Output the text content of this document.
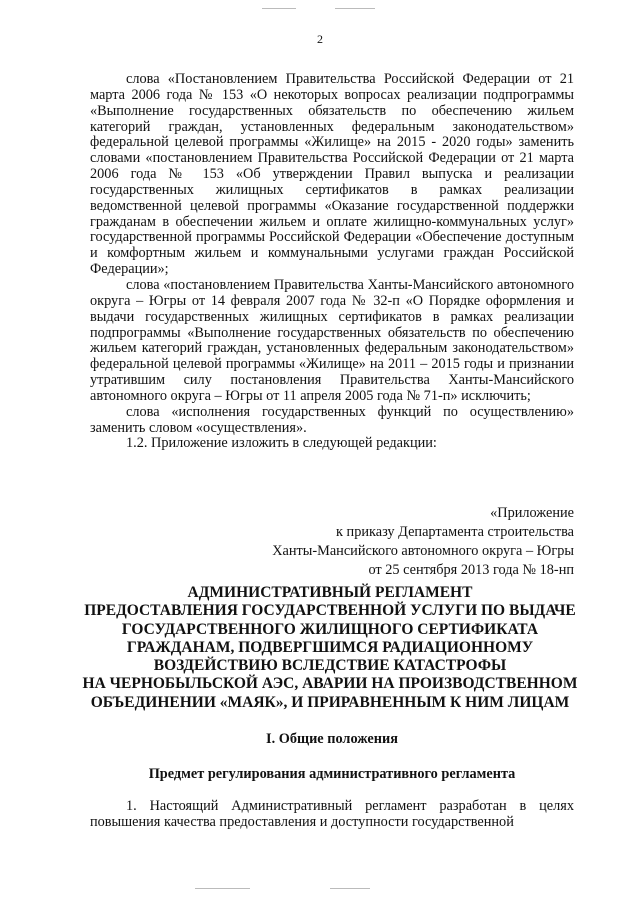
2

слова «Постановлением Правительства Российской Федерации от 21 марта 2006 года № 153 «О некоторых вопросах реализации подпрограммы «Выполнение государственных обязательств по обеспечению жильем категорий граждан, установленных федеральным законодательством» федеральной целевой программы «Жилище» на 2015 - 2020 годы» заменить словами «постановлением Правительства Российской Федерации от 21 марта 2006 года № 153 «Об утверждении Правил выпуска и реализации государственных жилищных сертификатов в рамках реализации ведомственной целевой программы «Оказание государственной поддержки гражданам в обеспечении жильем и оплате жилищно-коммунальных услуг» государственной программы Российской Федерации «Обеспечение доступным и комфортным жильем и коммунальными услугами граждан Российской Федерации»;

слова «постановлением Правительства Ханты-Мансийского автономного округа – Югры от 14 февраля 2007 года № 32-п «О Порядке оформления и выдачи государственных жилищных сертификатов в рамках реализации подпрограммы «Выполнение государственных обязательств по обеспечению жильем категорий граждан, установленных федеральным законодательством» федеральной целевой программы «Жилище» на 2011 – 2015 годы и признании утратившим силу постановления Правительства Ханты-Мансийского автономного округа – Югры от 11 апреля 2005 года № 71-п» исключить;

слова «исполнения государственных функций по осуществлению» заменить словом «осуществления».

1.2. Приложение изложить в следующей редакции:

«Приложение
к приказу Департамента строительства
Ханты-Мансийского автономного округа – Югры
от 25 сентября 2013 года № 18-нп
АДМИНИСТРАТИВНЫЙ РЕГЛАМЕНТ
ПРЕДОСТАВЛЕНИЯ ГОСУДАРСТВЕННОЙ УСЛУГИ ПО ВЫДАЧЕ
ГОСУДАРСТВЕННОГО ЖИЛИЩНОГО СЕРТИФИКАТА
ГРАЖДАНАМ, ПОДВЕРГШИМСЯ РАДИАЦИОННОМУ
ВОЗДЕЙСТВИЮ ВСЛЕДСТВИЕ КАТАСТРОФЫ
НА ЧЕРНОБЫЛЬСКОЙ АЭС, АВАРИИ НА ПРОИЗВОДСТВЕННОМ
ОБЪЕДИНЕНИИ «МАЯК», И ПРИРАВНЕННЫМ К НИМ ЛИЦАМ
I. Общие положения
Предмет регулирования административного регламента

1. Настоящий Административный регламент разработан в целях повышения качества предоставления и доступности государственной
